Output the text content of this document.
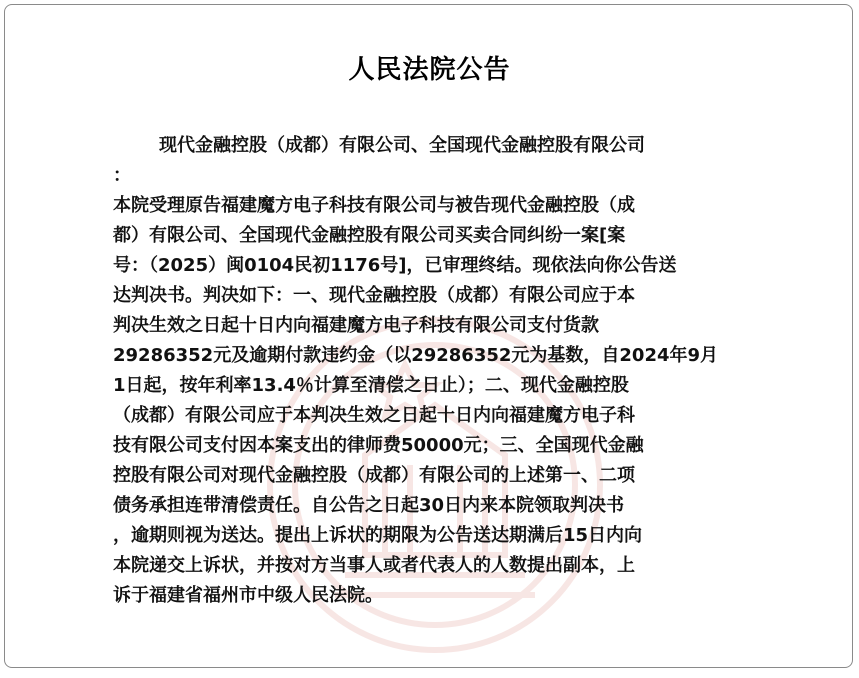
人民法院公告
现代金融控股（成都）有限公司、全国现代金融控股有限公司
：
本院受理原告福建魔方电子科技有限公司与被告现代金融控股（成
都）有限公司、全国现代金融控股有限公司买卖合同纠纷一案[案
号：（2025）闽0104民初1176号]，已审理终结。现依法向你公告送
达判决书。判决如下：一、现代金融控股（成都）有限公司应于本
判决生效之日起十日内向福建魔方电子科技有限公司支付货款
29286352元及逾期付款违约金（以29286352元为基数，自2024年9月
1日起，按年利率13.4％计算至清偿之日止）；二、现代金融控股
（成都）有限公司应于本判决生效之日起十日内向福建魔方电子科
技有限公司支付因本案支出的律师费50000元；三、全国现代金融
控股有限公司对现代金融控股（成都）有限公司的上述第一、二项
债务承担连带清偿责任。自公告之日起30日内来本院领取判决书
，逾期则视为送达。提出上诉状的期限为公告送达期满后15日内向
本院递交上诉状，并按对方当事人或者代表人的人数提出副本，上
诉于福建省福州市中级人民法院。
